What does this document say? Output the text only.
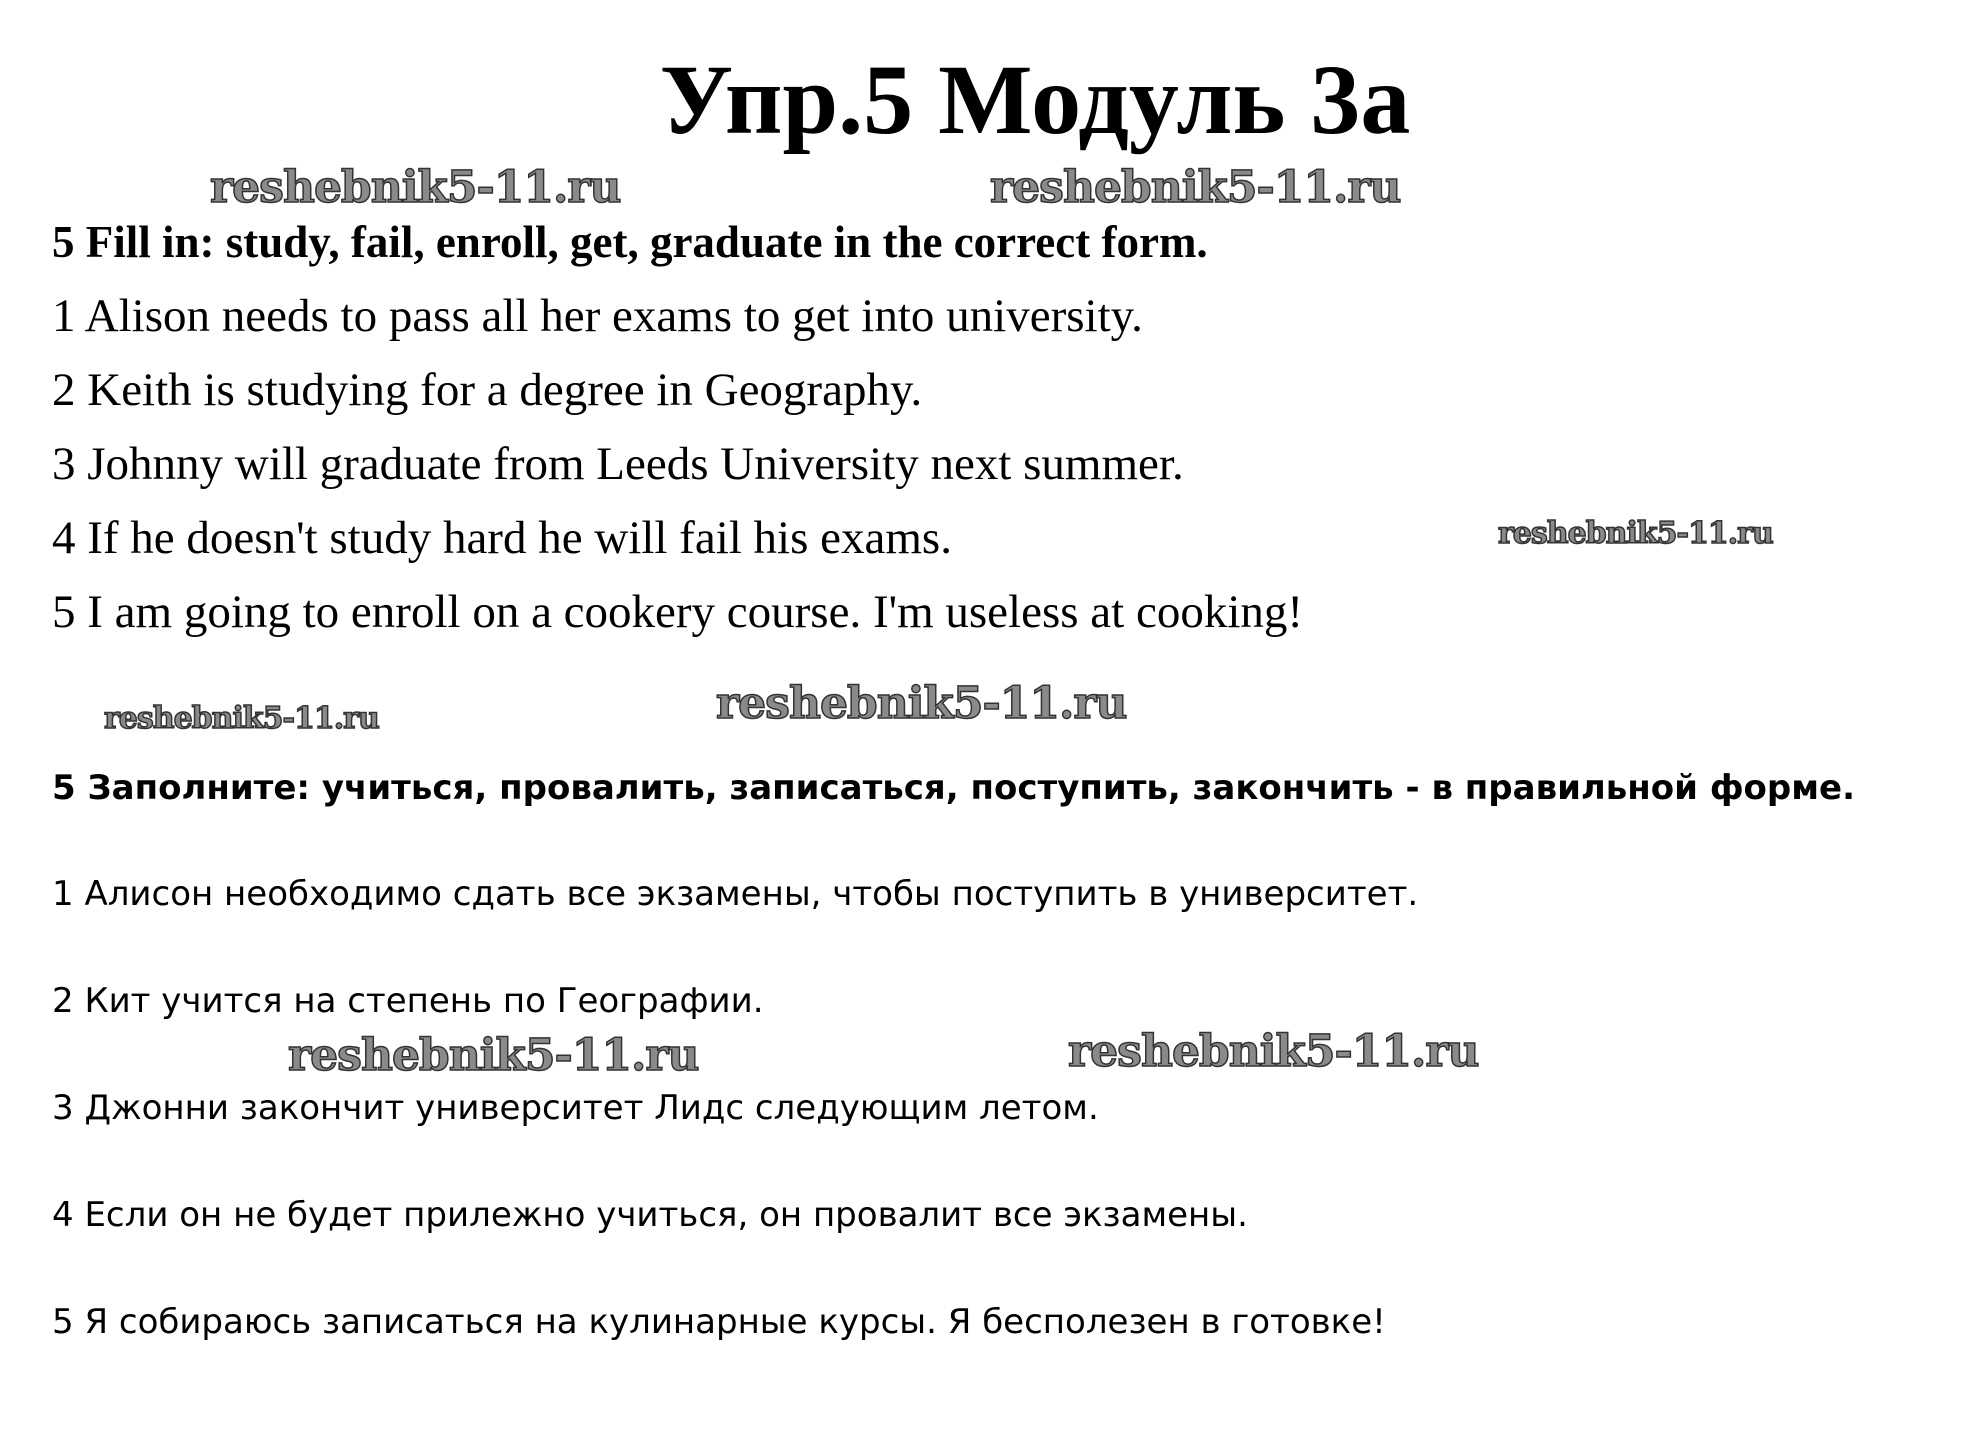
Упр.5 Модуль 3а
reshebnik5-11.ru	reshebnik5-11.ru
5 Fill in: study, fail, enroll, get, graduate in the correct form.
1 Alison needs to pass all her exams to get into university.
2 Keith is studying for a degree in Geography.
3 Johnny will graduate from Leeds University next summer.
4 If he doesn't study hard he will fail his exams.
5 I am going to enroll on a cookery course. I'm useless at cooking!
reshebnik5-11.ru
reshebnik5-11.ru	reshebnik5-11.ru
5 Заполните: учиться, провалить, записаться, поступить, закончить - в правильной форме.
1 Алисон необходимо сдать все экзамены, чтобы поступить в университет.
2 Кит учится на степень по Географии.
reshebnik5-11.ru	reshebnik5-11.ru
3 Джонни закончит университет Лидс следующим летом.
4 Если он не будет прилежно учиться, он провалит все экзамены.
5 Я собираюсь записаться на кулинарные курсы. Я бесполезен в готовке!
